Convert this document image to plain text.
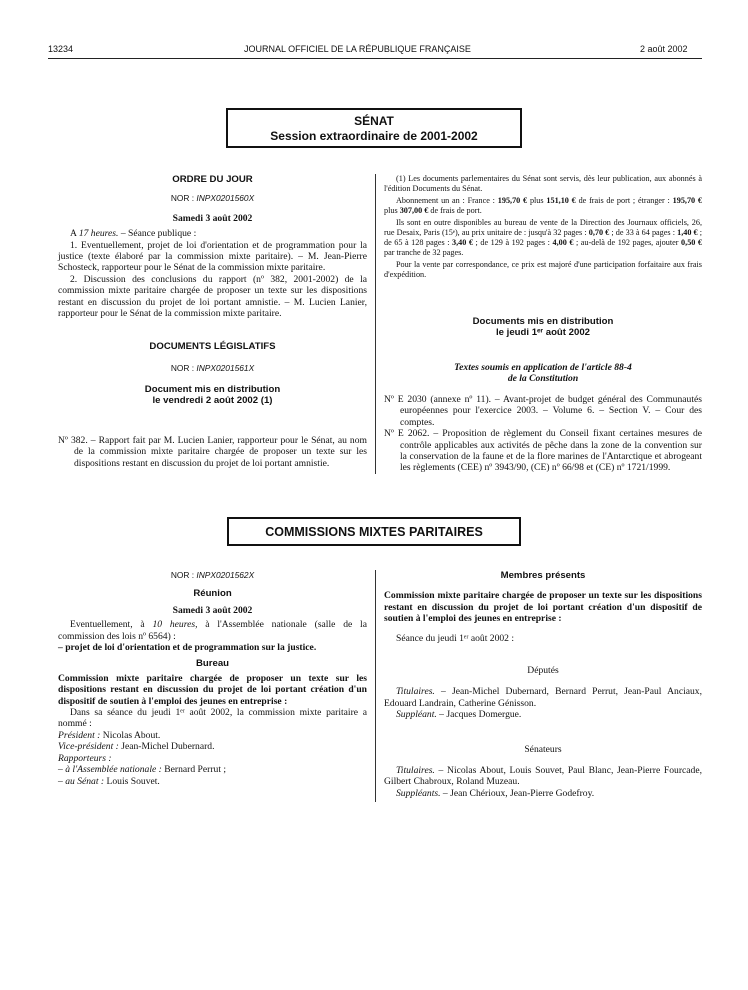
13234	JOURNAL OFFICIEL DE LA RÉPUBLIQUE FRANÇAISE	2 août 2002
SÉNAT
Session extraordinaire de 2001-2002

ORDRE DU JOUR

NOR : INPX0201560X

Samedi 3 août 2002

A 17 heures. – Séance publique :

1. Eventuellement, projet de loi d'orientation et de programmation pour la justice (texte élaboré par la commission mixte paritaire). – M. Jean-Pierre Schosteck, rapporteur pour le Sénat de la commission mixte paritaire.

2. Discussion des conclusions du rapport (nº 382, 2001-2002) de la commission mixte paritaire chargée de proposer un texte sur les dispositions restant en discussion du projet de loi portant amnistie. – M. Lucien Lanier, rapporteur pour le Sénat de la commission mixte paritaire.

DOCUMENTS LÉGISLATIFS

NOR : INPX0201561X

Document mis en distribution

le vendredi 2 août 2002 (1)

Nº 382. – Rapport fait par M. Lucien Lanier, rapporteur pour le Sénat, au nom de la commission mixte paritaire chargée de proposer un texte sur les dispositions restant en discussion du projet de loi portant amnistie.

(1) Les documents parlementaires du Sénat sont servis, dès leur publication, aux abonnés à l'édition Documents du Sénat.

Abonnement un an : France : 195,70 € plus 151,10 € de frais de port ; étranger : 195,70 € plus 307,00 € de frais de port.

Ils sont en outre disponibles au bureau de vente de la Direction des Journaux officiels, 26, rue Desaix, Paris (15ᵉ), au prix unitaire de : jusqu'à 32 pages : 0,70 € ; de 33 à 64 pages : 1,40 € ; de 65 à 128 pages : 3,40 € ; de 129 à 192 pages : 4,00 € ; au-delà de 192 pages, ajouter 0,50 € par tranche de 32 pages.

Pour la vente par correspondance, ce prix est majoré d'une participation forfaitaire aux frais d'expédition.

Documents mis en distribution

le jeudi 1ᵉʳ août 2002

Textes soumis en application de l'article 88-4

de la Constitution

Nº E 2030 (annexe nº 11). – Avant-projet de budget général des Communautés européennes pour l'exercice 2003. – Volume 6. – Section V. – Cour des comptes.

Nº E 2062. – Proposition de règlement du Conseil fixant certaines mesures de contrôle applicables aux activités de pêche dans la zone de la convention sur la conservation de la faune et de la flore marines de l'Antarctique et abrogeant les règlements (CEE) nº 3943/90, (CE) nº 66/98 et (CE) nº 1721/1999.

COMMISSIONS MIXTES PARITAIRES

NOR : INPX0201562X

Réunion

Samedi 3 août 2002

Eventuellement, à 10 heures, à l'Assemblée nationale (salle de la commission des lois nº 6564) :

– projet de loi d'orientation et de programmation sur la justice.

Bureau

Commission mixte paritaire chargée de proposer un texte sur les dispositions restant en discussion du projet de loi portant création d'un dispositif de soutien à l'emploi des jeunes en entreprise :

Dans sa séance du jeudi 1ᵉʳ août 2002, la commission mixte paritaire a nommé :

Président : Nicolas About.

Vice-président : Jean-Michel Dubernard.

Rapporteurs :

– à l'Assemblée nationale : Bernard Perrut ;

– au Sénat : Louis Souvet.

Membres présents

Commission mixte paritaire chargée de proposer un texte sur les dispositions restant en discussion du projet de loi portant création d'un dispositif de soutien à l'emploi des jeunes en entreprise :

Séance du jeudi 1ᵉʳ août 2002 :

Députés

Titulaires. – Jean-Michel Dubernard, Bernard Perrut, Jean-Paul Anciaux, Edouard Landrain, Catherine Génisson.

Suppléant. – Jacques Domergue.

Sénateurs

Titulaires. – Nicolas About, Louis Souvet, Paul Blanc, Jean-Pierre Fourcade, Gilbert Chabroux, Roland Muzeau.

Suppléants. – Jean Chérioux, Jean-Pierre Godefroy.
